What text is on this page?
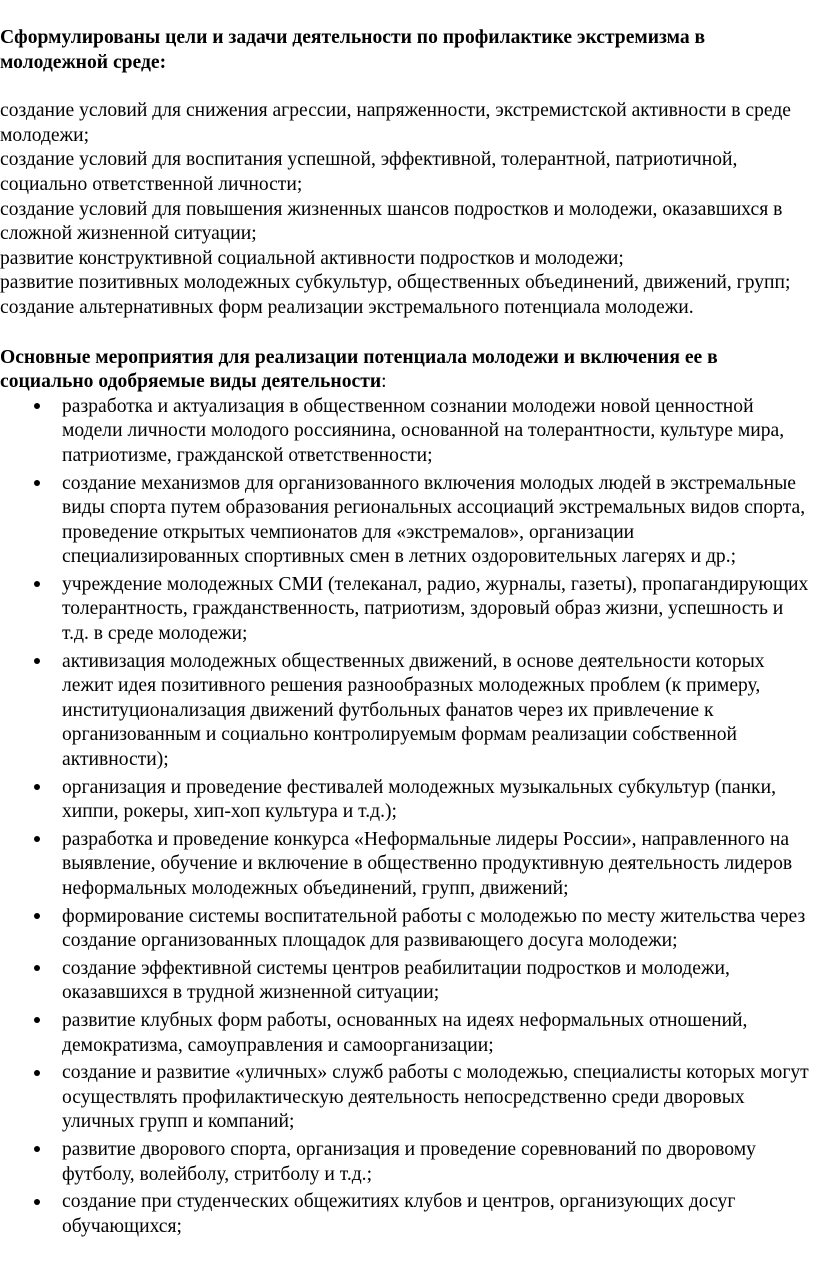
Сформулированы цели и задачи деятельности по профилактике экстремизма в молодежной среде:

создание условий для снижения агрессии, напряженности, экстремистской активности в среде молодежи;
создание условий для воспитания успешной, эффективной, толерантной, патриотичной, социально ответственной личности;
создание условий для повышения жизненных шансов подростков и молодежи, оказавшихся в сложной жизненной ситуации;
развитие конструктивной социальной активности подростков и молодежи;
развитие позитивных молодежных субкультур, общественных объединений, движений, групп;
создание альтернативных форм реализации экстремального потенциала молодежи.

Основные мероприятия для реализации потенциала молодежи и включения ее в социально одобряемые виды деятельности:

разработка и актуализация в общественном сознании молодежи новой ценностной модели личности молодого россиянина, основанной на толерантности, культуре мира, патриотизме, гражданской ответственности;
создание механизмов для организованного включения молодых людей в экстремальные виды спорта путем образования региональных ассоциаций экстремальных видов спорта, проведение открытых чемпионатов для «экстремалов», организации специализированных спортивных смен в летних оздоровительных лагерях и др.;
учреждение молодежных СМИ (телеканал, радио, журналы, газеты), пропагандирующих толерантность, гражданственность, патриотизм, здоровый образ жизни, успешность и т.д. в среде молодежи;
активизация молодежных общественных движений, в основе деятельности которых лежит идея позитивного решения разнообразных молодежных проблем (к примеру, институционализация движений футбольных фанатов через их привлечение к организованным и социально контролируемым формам реализации собственной активности);
организация и проведение фестивалей молодежных музыкальных субкультур (панки, хиппи, рокеры, хип-хоп культура и т.д.);
разработка и проведение конкурса «Неформальные лидеры России», направленного на выявление, обучение и включение в общественно продуктивную деятельность лидеров неформальных молодежных объединений, групп, движений;
формирование системы воспитательной работы с молодежью по месту жительства через создание организованных площадок для развивающего досуга молодежи;
создание эффективной системы центров реабилитации подростков и молодежи, оказавшихся в трудной жизненной ситуации;
развитие клубных форм работы, основанных на идеях неформальных отношений, демократизма, самоуправления и самоорганизации;
создание и развитие «уличных» служб работы с молодежью, специалисты которых могут осуществлять профилактическую деятельность непосредственно среди дворовых уличных групп и компаний;
развитие дворового спорта, организация и проведение соревнований по дворовому футболу, волейболу, стритболу и т.д.;
создание при студенческих общежитиях клубов и центров, организующих досуг обучающихся;
